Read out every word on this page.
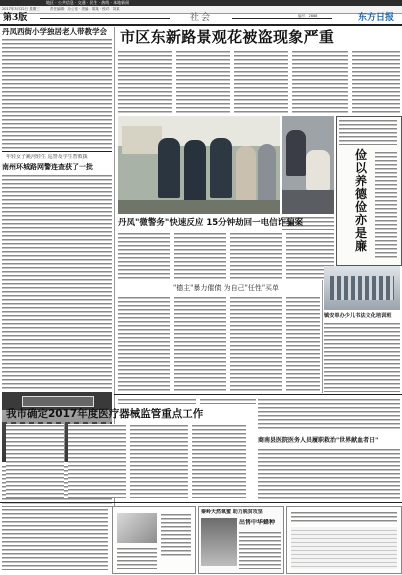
地区 · 公共信息 · 交通 · 民生 · 热线 · 本地新闻
2017年3月22日 星期三	责任编辑：办公室 · 美编：胡某 · 校对：刘某
第3版	社会	编号：2888	东方日报
丹凤西街小学独居老人带教学会
年轻女子跳河轻生 巡警及学生智救援
南州环城路网警连查获了一批
市区东新路景观花被盗现象严重
俭以养德 俭亦是廉
丹凤"微警务"快速反应 15分钟劫回一电信诈骗案
"德主"暴力催债 为自己"任性"买单
镇安单办少儿书法文化培训班
我市确定2017年度医疗器械监管重点工作
商南县医院医务人员履职救治"世界献血者日"
秦岭天然氧蜜 助力脱贫攻坚
出售中华蜂种
